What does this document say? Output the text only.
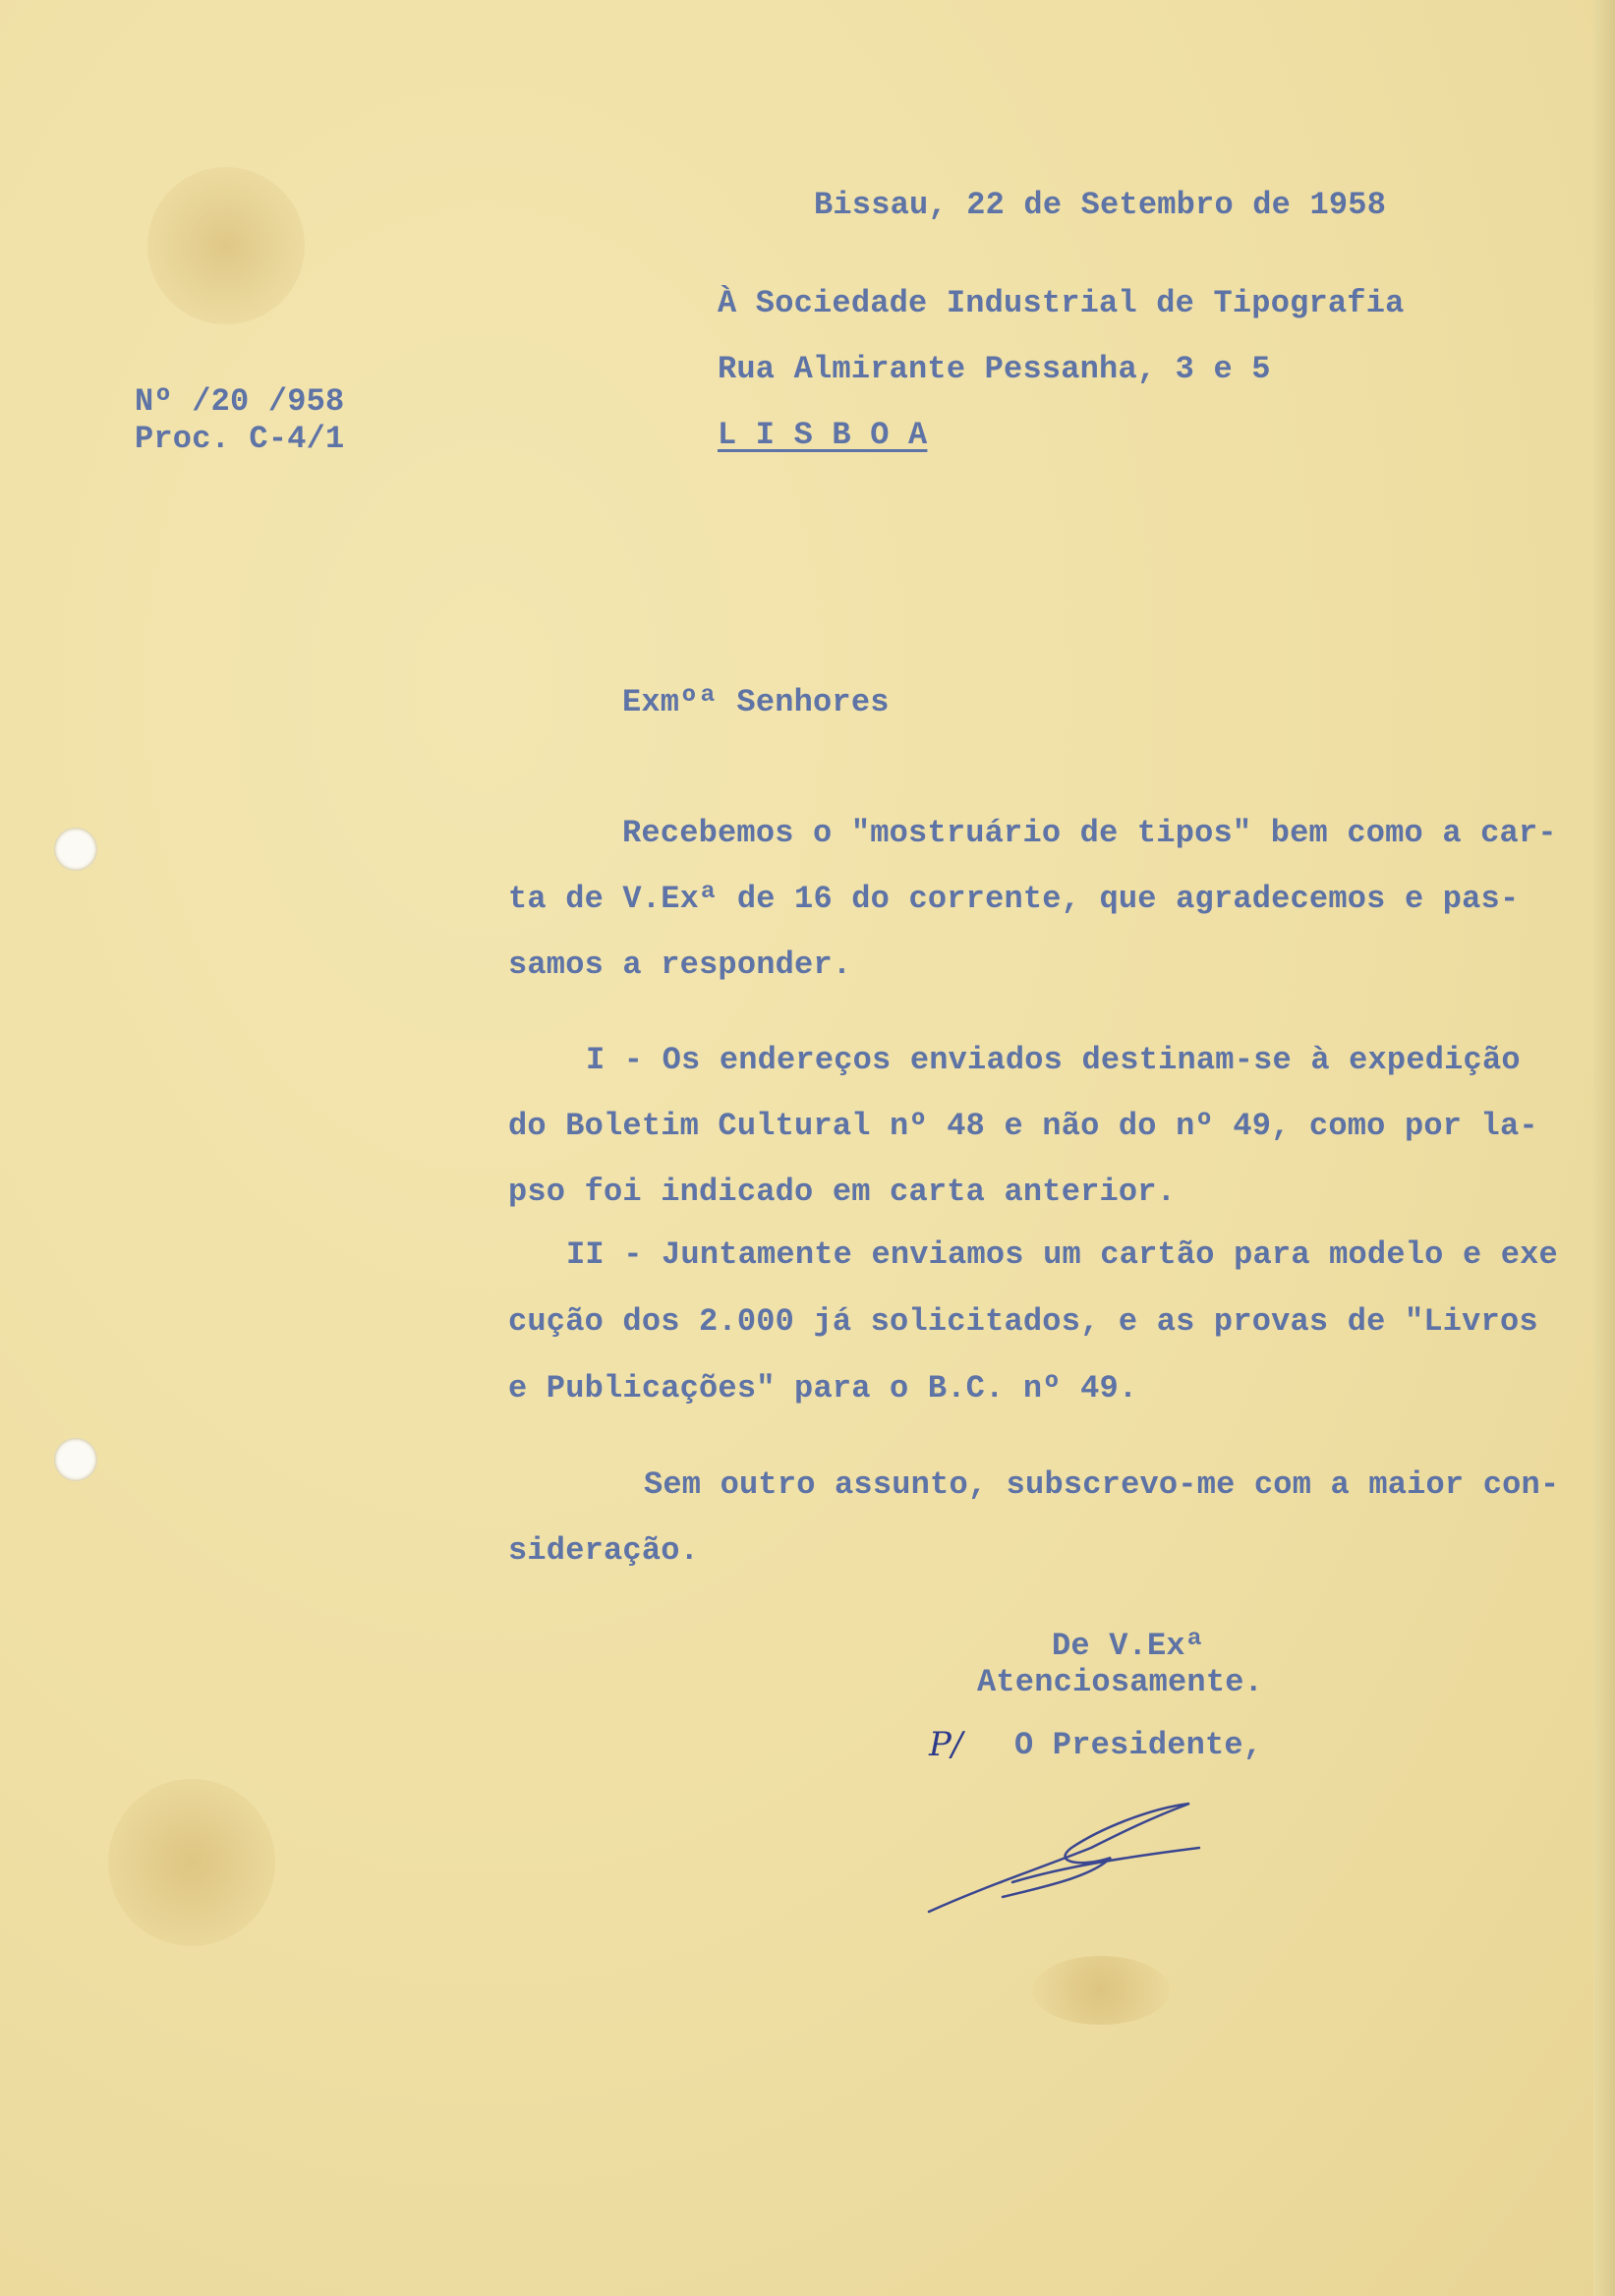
Nº /20 /958
Proc. C-4/1
Bissau, 22 de Setembro de 1958
À Sociedade Industrial de Tipografia
Rua Almirante Pessanha, 3 e 5
L I S B O A
Exmºª Senhores
Recebemos o "mostruário de tipos" bem como a car-
ta de V.Exª de 16 do corrente, que agradecemos e pas-
samos a responder.
I - Os endereços enviados destinam-se à expedição
do Boletim Cultural nº 48 e não do nº 49, como por la-
pso foi indicado em carta anterior.
II - Juntamente enviamos um cartão para modelo e exe
cução dos 2.000 já solicitados, e as provas de "Livros
e Publicações" para o B.C. nº 49.
Sem outro assunto, subscrevo-me com a maior con-
sideração.
De V.Exª
Atenciosamente.
O Presidente,
P/
